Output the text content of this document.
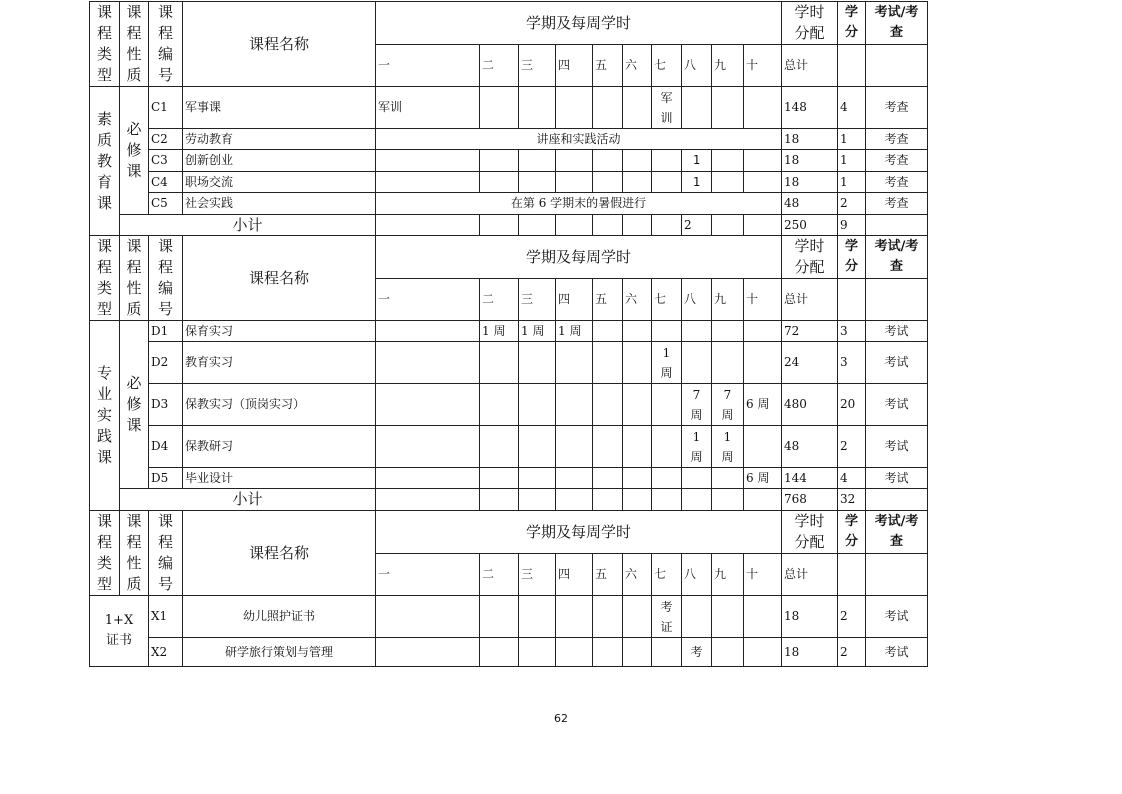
课
程
类
型	课
程
性
质	课
程
编
号	课程名称	学期及每周学时										学时
分配	学
分	考试/考
查

				一	二	三	四	五	六	七	八	九	十	总计		

素
质
教
育
课	必
修
课	C1	军事课	军训						军
训				148	4	考查
		C2	劳动教育	讲座和实践活动										18	1	考查
		C3	创新创业								1			18	1	考查
		C4	职场交流								1			18	1	考查
		C5	社会实践	在第 6 学期末的暑假进行										48	2	考查
	小计										2			250	9	

课
程
类
型	课
程
性
质	课
程
编
号	课程名称	学期及每周学时										学时
分配	学
分	考试/考
查

				一	二	三	四	五	六	七	八	九	十	总计		

专
业
实
践
课	必
修
课	D1	保育实习		1 周	1 周	1 周							72	3	考试
		D2	教育实习							1
周				24	3	考试
		D3	保教实习（顶岗实习）								7
周	7
周	6 周	480	20	考试
		D4	保教研习								1
周	1
周		48	2	考试
		D5	毕业设计										6 周	144	4	考试
	小计													768	32	

课
程
类
型	课
程
性
质	课
程
编
号	课程名称	学期及每周学时										学时
分配	学
分	考试/考
查

				一	二	三	四	五	六	七	八	九	十	总计		

1+X
证书		X1	幼儿照护证书							考
证				18	2	考试
		X2	研学旅行策划与管理								考			18	2	考试
62
